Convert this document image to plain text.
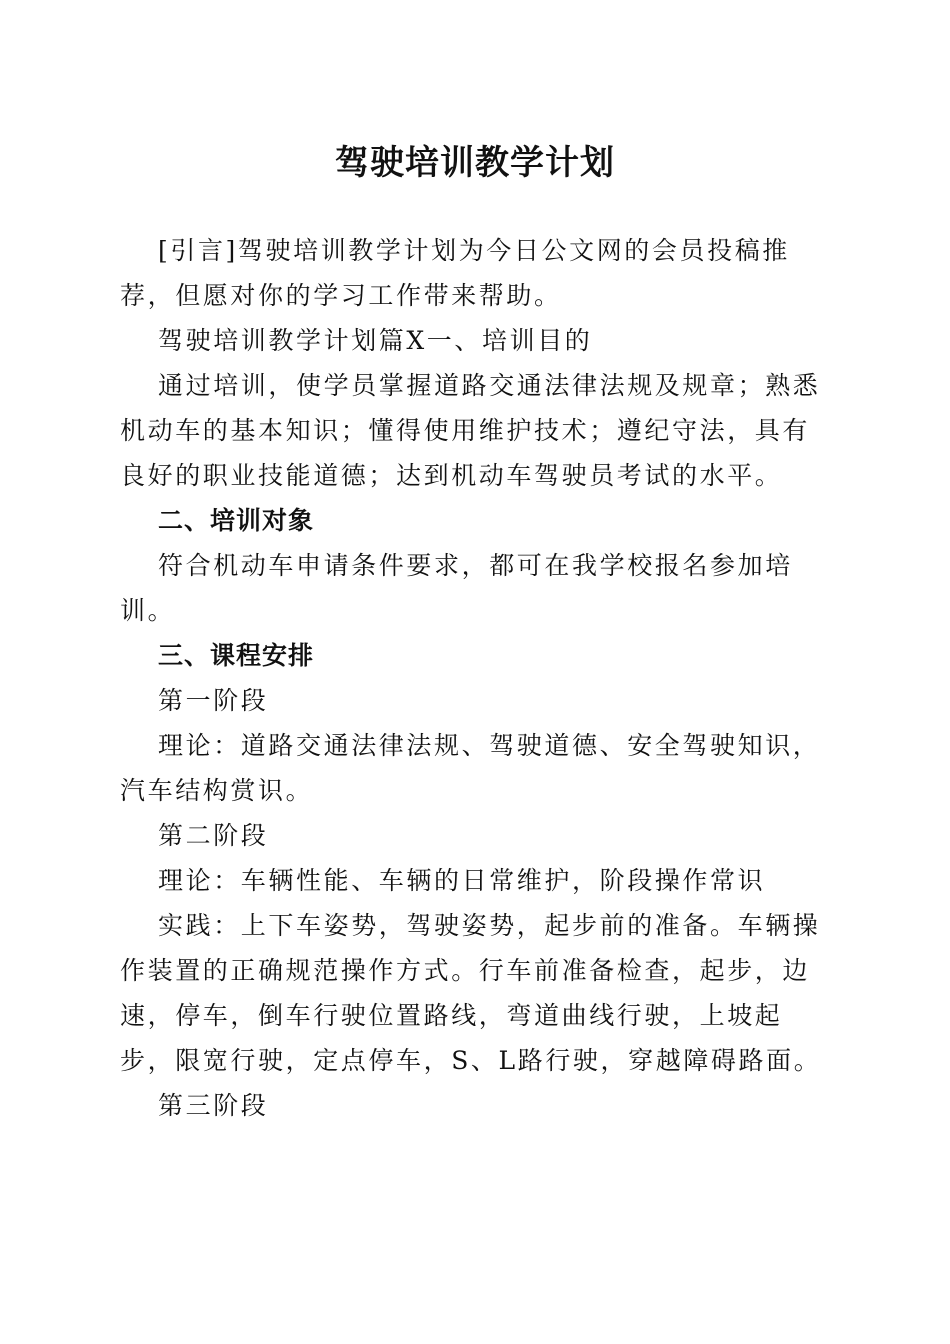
驾驶培训教学计划

[引言]驾驶培训教学计划为今日公文网的会员投稿推荐，但愿对你的学习工作带来帮助。

驾驶培训教学计划篇X一、培训目的

通过培训，使学员掌握道路交通法律法规及规章；熟悉机动车的基本知识；懂得使用维护技术；遵纪守法，具有良好的职业技能道德；达到机动车驾驶员考试的水平。

二、培训对象

符合机动车申请条件要求，都可在我学校报名参加培训。

三、课程安排

第一阶段

理论：道路交通法律法规、驾驶道德、安全驾驶知识，汽车结构赏识。

第二阶段

理论：车辆性能、车辆的日常维护，阶段操作常识

实践：上下车姿势，驾驶姿势，起步前的准备。车辆操作装置的正确规范操作方式。行车前准备检查，起步，边速，停车，倒车行驶位置路线，弯道曲线行驶，上坡起步，限宽行驶，定点停车，S、L路行驶，穿越障碍路面。

第三阶段
